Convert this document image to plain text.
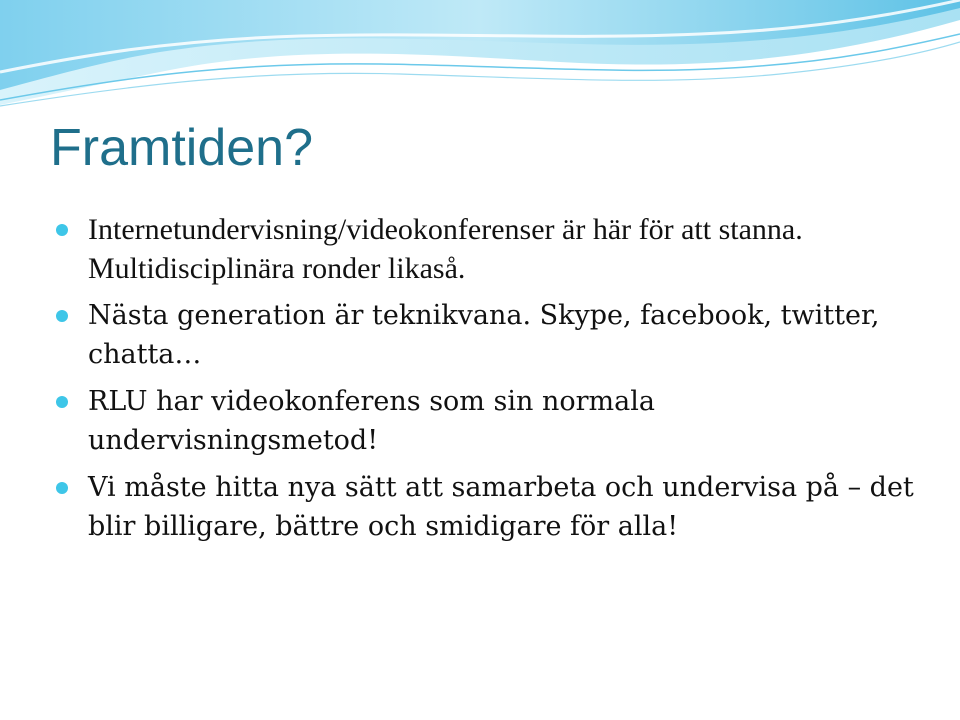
Framtiden?
Internetundervisning/videokonferenser är här för att stanna. Multidisciplinära ronder likaså.
Nästa generation är teknikvana. Skype, facebook, twitter, chatta…
RLU har videokonferens som sin normala undervisningsmetod!
Vi måste hitta nya sätt att samarbeta och undervisa på – det blir billigare, bättre och smidigare för alla!
